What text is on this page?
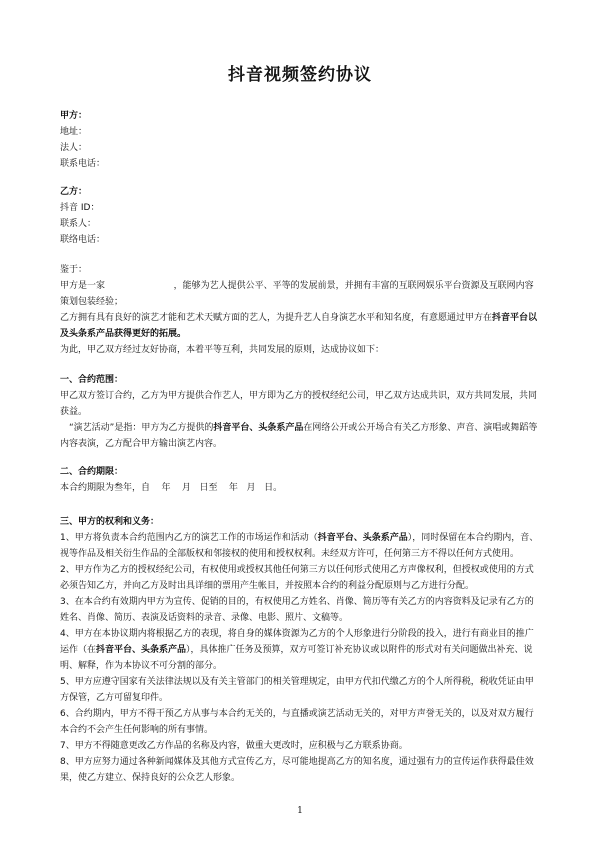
抖音视频签约协议
甲方：
地址：
法人：
联系电话：
乙方：
抖音 ID：
联系人：
联络电话：
鉴于：
甲方是一家                        ，能够为艺人提供公平、平等的发展前景，并拥有丰富的互联网娱乐平台资源及互联网内容策划包装经验；
乙方拥有具有良好的演艺才能和艺术天赋方面的艺人，为提升艺人自身演艺水平和知名度，有意愿通过甲方在抖音平台以及头条系产品获得更好的拓展。
为此，甲乙双方经过友好协商，本着平等互利，共同发展的原则，达成协议如下：
一、合约范围：
甲乙双方签订合约，乙方为甲方提供合作艺人，甲方即为乙方的授权经纪公司，甲乙双方达成共识，双方共同发展，共同获益。
“演艺活动”是指：甲方为乙方提供的抖音平台、头条系产品在网络公开或公开场合有关乙方形象、声音、演唱或舞蹈等内容表演，乙方配合甲方输出演艺内容。
二、合约期限：
本合约期限为叁年，自    年    月   日至    年   月   日。
三、甲方的权利和义务：
1、甲方将负责本合约范围内乙方的演艺工作的市场运作和活动（抖音平台、头条系产品），同时保留在本合约期内，音、视等作品及相关衍生作品的全部版权和邻接权的使用和授权权利。未经双方许可，任何第三方不得以任何方式使用。
2、甲方作为乙方的授权经纪公司，有权使用或授权其他任何第三方以任何形式使用乙方声像权利，但授权或使用的方式必须告知乙方，并向乙方及时出具详细的票用产生帐目，并按照本合约的利益分配原则与乙方进行分配。
3、在本合约有效期内甲方为宣传、促销的目的，有权使用乙方姓名、肖像、简历等有关乙方的内容资料及记录有乙方的姓名、肖像、简历、表演及话资料的录音、录像、电影、照片、文稿等。
4、甲方在本协议期内将根据乙方的表现，将自身的媒体资源为乙方的个人形象进行分阶段的投入，进行有商业目的推广运作（在抖音平台、头条系产品），具体推广任务及预算，双方可签订补充协议或以附件的形式对有关问题做出补充、说明、解释，作为本协议不可分割的部分。
5、甲方应遵守国家有关法律法规以及有关主管部门的相关管理规定，由甲方代扣代缴乙方的个人所得税，税收凭证由甲方保管，乙方可留复印件。
6、合约期内，甲方不得干预乙方从事与本合约无关的，与直播或演艺活动无关的，对甲方声誉无关的，以及对双方履行本合约不会产生任何影响的所有事情。
7、甲方不得随意更改乙方作品的名称及内容，做重大更改时，应积极与乙方联系协商。
8、甲方应努力通过各种新闻媒体及其他方式宣传乙方，尽可能地提高乙方的知名度，通过强有力的宣传运作获得最佳效果，使乙方建立、保持良好的公众艺人形象。
1
